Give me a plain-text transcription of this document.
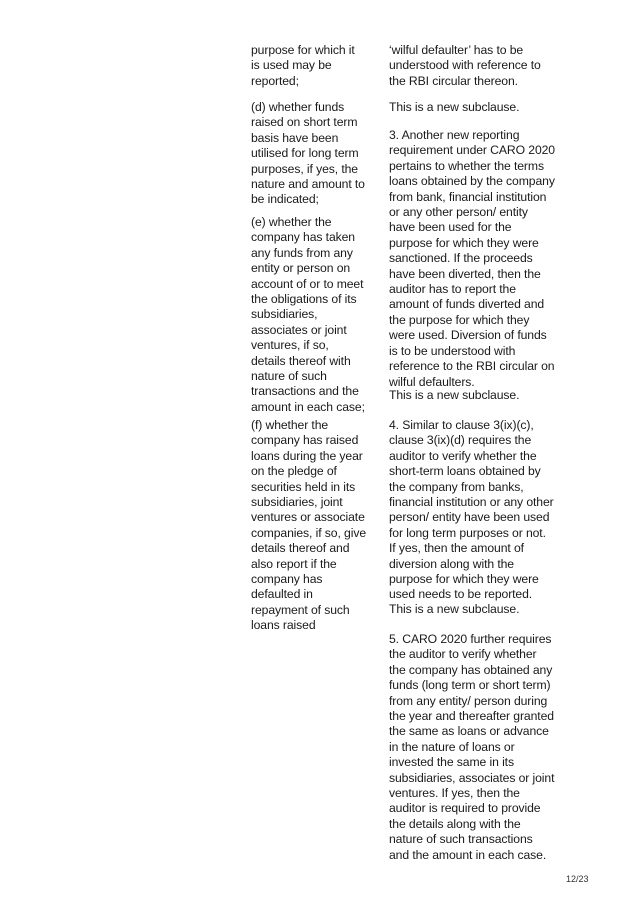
purpose for which it
is used may be
reported;

(d) whether funds
raised on short term
basis have been
utilised for long term
purposes, if yes, the
nature and amount to
be indicated;

(e) whether the
company has taken
any funds from any
entity or person on
account of or to meet
the obligations of its
subsidiaries,
associates or joint
ventures, if so,
details thereof with
nature of such
transactions and the
amount in each case;

(f) whether the
company has raised
loans during the year
on the pledge of
securities held in its
subsidiaries, joint
ventures or associate
companies, if so, give
details thereof and
also report if the
company has
defaulted in
repayment of such
loans raised

‘wilful defaulter’ has to be
understood with reference to
the RBI circular thereon.

This is a new subclause.

3. Another new reporting
requirement under CARO 2020
pertains to whether the terms
loans obtained by the company
from bank, financial institution
or any other person/ entity
have been used for the
purpose for which they were
sanctioned. If the proceeds
have been diverted, then the
auditor has to report the
amount of funds diverted and
the purpose for which they
were used. Diversion of funds
is to be understood with
reference to the RBI circular on
wilful defaulters.

This is a new subclause.

4. Similar to clause 3(ix)(c),
clause 3(ix)(d) requires the
auditor to verify whether the
short-term loans obtained by
the company from banks,
financial institution or any other
person/ entity have been used
for long term purposes or not.
If yes, then the amount of
diversion along with the
purpose for which they were
used needs to be reported.

This is a new subclause.

5. CARO 2020 further requires
the auditor to verify whether
the company has obtained any
funds (long term or short term)
from any entity/ person during
the year and thereafter granted
the same as loans or advance
in the nature of loans or
invested the same in its
subsidiaries, associates or joint
ventures. If yes, then the
auditor is required to provide
the details along with the
nature of such transactions
and the amount in each case.

12/23
